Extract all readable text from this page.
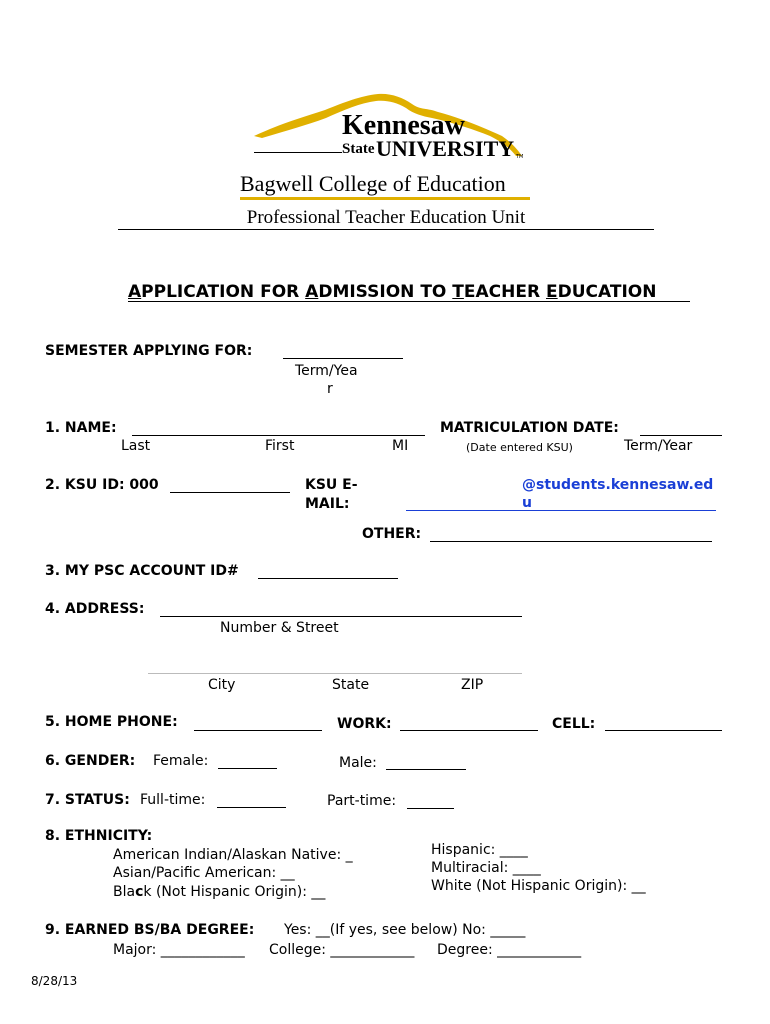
Kennesaw
State UNIVERSITY TM
Bagwell College of Education
Professional Teacher Education Unit
APPLICATION FOR ADMISSION TO TEACHER EDUCATION
SEMESTER APPLYING FOR:
Term/Yea
r
1. NAME:
Last	First	MI
MATRICULATION DATE:
(Date entered KSU)	Term/Year
2. KSU ID: 000	KSU E-
MAIL:
@students.kennesaw.ed
u
OTHER:
3. MY PSC ACCOUNT ID#
4. ADDRESS:
Number & Street
City	State	ZIP
5. HOME PHONE:	WORK:	CELL:
6. GENDER: Female:	Male:
7. STATUS: Full-time:	Part-time:
8. ETHNICITY:
American Indian/Alaskan Native: _
Asian/Pacific American: __
Black (Not Hispanic Origin): __
Hispanic: ____
Multiracial: ____
White (Not Hispanic Origin): __
9. EARNED BS/BA DEGREE: Yes: __(If yes, see below) No: _____
Major: ____________ College: ____________ Degree: ____________
8/28/13
